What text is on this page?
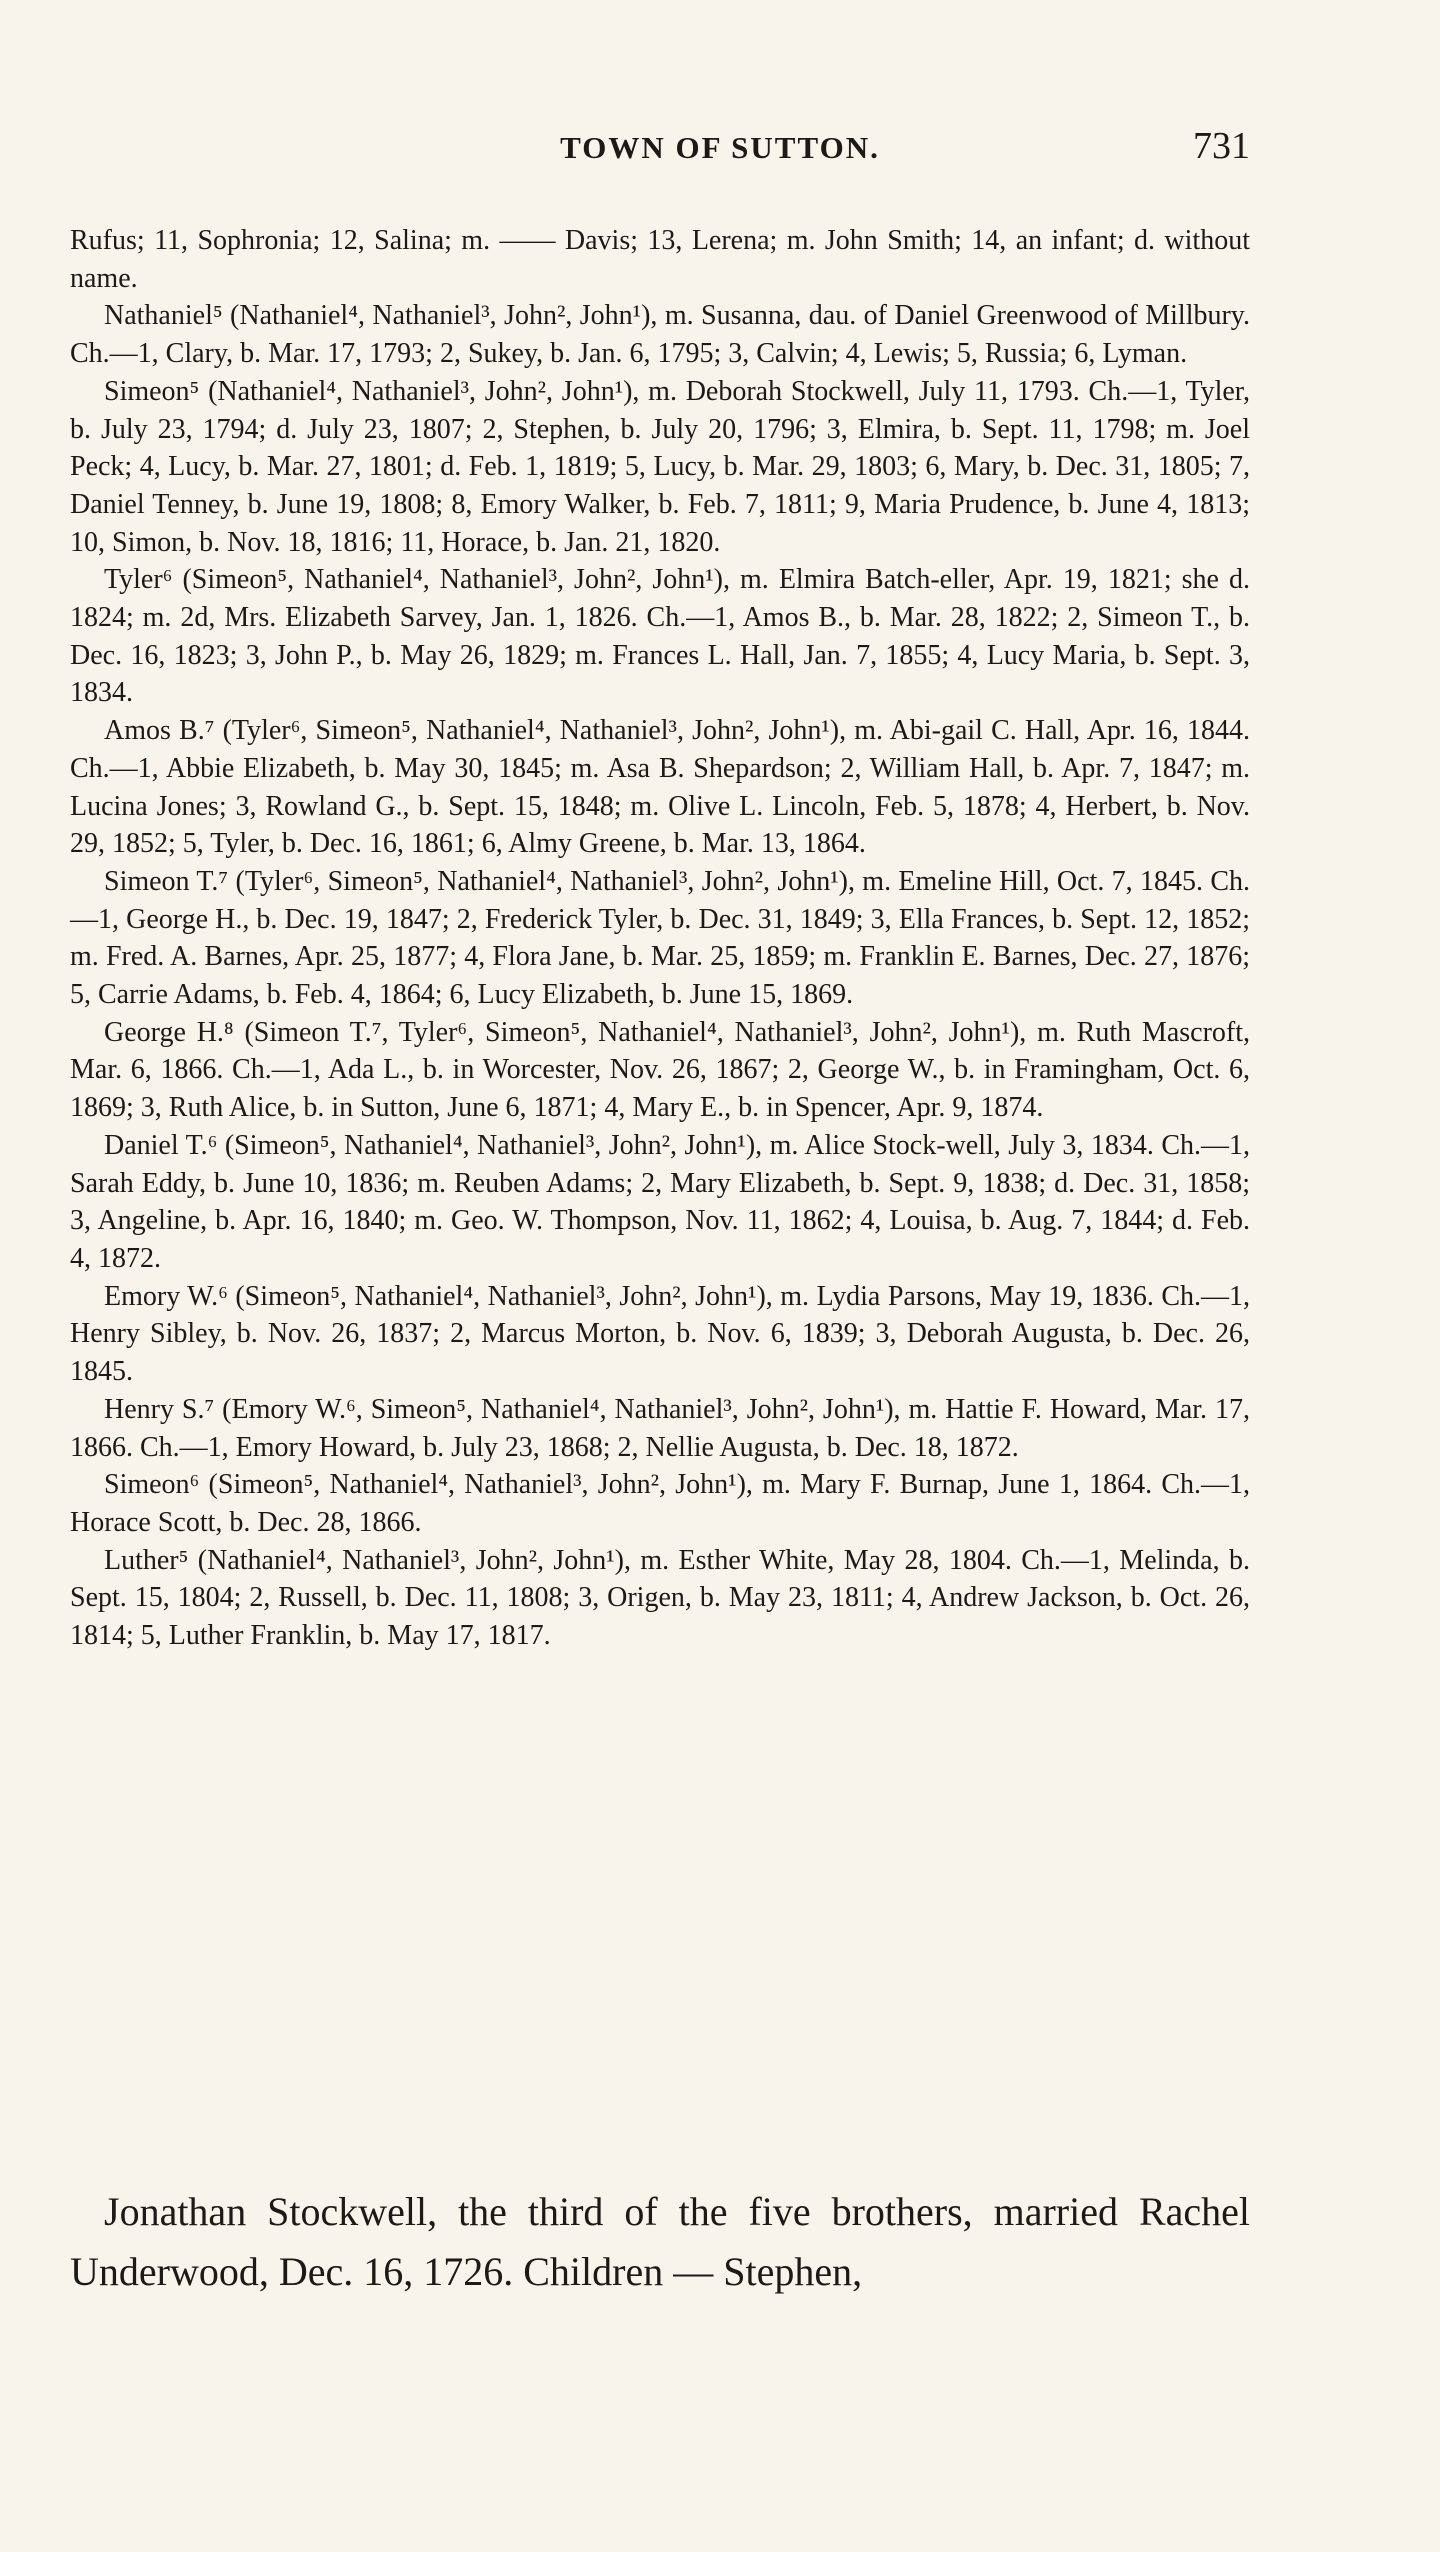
TOWN OF SUTTON.	731

Rufus; 11, Sophronia; 12, Salina; m. —— Davis; 13, Lerena; m. John Smith; 14, an infant; d. without name.

Nathaniel⁵ (Nathaniel⁴, Nathaniel³, John², John¹), m. Susanna, dau. of Daniel Greenwood of Millbury. Ch.—1, Clary, b. Mar. 17, 1793; 2, Sukey, b. Jan. 6, 1795; 3, Calvin; 4, Lewis; 5, Russia; 6, Lyman.

Simeon⁵ (Nathaniel⁴, Nathaniel³, John², John¹), m. Deborah Stockwell, July 11, 1793. Ch.—1, Tyler, b. July 23, 1794; d. July 23, 1807; 2, Stephen, b. July 20, 1796; 3, Elmira, b. Sept. 11, 1798; m. Joel Peck; 4, Lucy, b. Mar. 27, 1801; d. Feb. 1, 1819; 5, Lucy, b. Mar. 29, 1803; 6, Mary, b. Dec. 31, 1805; 7, Daniel Tenney, b. June 19, 1808; 8, Emory Walker, b. Feb. 7, 1811; 9, Maria Prudence, b. June 4, 1813; 10, Simon, b. Nov. 18, 1816; 11, Horace, b. Jan. 21, 1820.

Tyler⁶ (Simeon⁵, Nathaniel⁴, Nathaniel³, John², John¹), m. Elmira Batch-eller, Apr. 19, 1821; she d. 1824; m. 2d, Mrs. Elizabeth Sarvey, Jan. 1, 1826. Ch.—1, Amos B., b. Mar. 28, 1822; 2, Simeon T., b. Dec. 16, 1823; 3, John P., b. May 26, 1829; m. Frances L. Hall, Jan. 7, 1855; 4, Lucy Maria, b. Sept. 3, 1834.

Amos B.⁷ (Tyler⁶, Simeon⁵, Nathaniel⁴, Nathaniel³, John², John¹), m. Abi-gail C. Hall, Apr. 16, 1844. Ch.—1, Abbie Elizabeth, b. May 30, 1845; m. Asa B. Shepardson; 2, William Hall, b. Apr. 7, 1847; m. Lucina Jones; 3, Rowland G., b. Sept. 15, 1848; m. Olive L. Lincoln, Feb. 5, 1878; 4, Herbert, b. Nov. 29, 1852; 5, Tyler, b. Dec. 16, 1861; 6, Almy Greene, b. Mar. 13, 1864.

Simeon T.⁷ (Tyler⁶, Simeon⁵, Nathaniel⁴, Nathaniel³, John², John¹), m. Emeline Hill, Oct. 7, 1845. Ch.—1, George H., b. Dec. 19, 1847; 2, Frederick Tyler, b. Dec. 31, 1849; 3, Ella Frances, b. Sept. 12, 1852; m. Fred. A. Barnes, Apr. 25, 1877; 4, Flora Jane, b. Mar. 25, 1859; m. Franklin E. Barnes, Dec. 27, 1876; 5, Carrie Adams, b. Feb. 4, 1864; 6, Lucy Elizabeth, b. June 15, 1869.

George H.⁸ (Simeon T.⁷, Tyler⁶, Simeon⁵, Nathaniel⁴, Nathaniel³, John², John¹), m. Ruth Mascroft, Mar. 6, 1866. Ch.—1, Ada L., b. in Worcester, Nov. 26, 1867; 2, George W., b. in Framingham, Oct. 6, 1869; 3, Ruth Alice, b. in Sutton, June 6, 1871; 4, Mary E., b. in Spencer, Apr. 9, 1874.

Daniel T.⁶ (Simeon⁵, Nathaniel⁴, Nathaniel³, John², John¹), m. Alice Stock-well, July 3, 1834. Ch.—1, Sarah Eddy, b. June 10, 1836; m. Reuben Adams; 2, Mary Elizabeth, b. Sept. 9, 1838; d. Dec. 31, 1858; 3, Angeline, b. Apr. 16, 1840; m. Geo. W. Thompson, Nov. 11, 1862; 4, Louisa, b. Aug. 7, 1844; d. Feb. 4, 1872.

Emory W.⁶ (Simeon⁵, Nathaniel⁴, Nathaniel³, John², John¹), m. Lydia Parsons, May 19, 1836. Ch.—1, Henry Sibley, b. Nov. 26, 1837; 2, Marcus Morton, b. Nov. 6, 1839; 3, Deborah Augusta, b. Dec. 26, 1845.

Henry S.⁷ (Emory W.⁶, Simeon⁵, Nathaniel⁴, Nathaniel³, John², John¹), m. Hattie F. Howard, Mar. 17, 1866. Ch.—1, Emory Howard, b. July 23, 1868; 2, Nellie Augusta, b. Dec. 18, 1872.

Simeon⁶ (Simeon⁵, Nathaniel⁴, Nathaniel³, John², John¹), m. Mary F. Burnap, June 1, 1864. Ch.—1, Horace Scott, b. Dec. 28, 1866.

Luther⁵ (Nathaniel⁴, Nathaniel³, John², John¹), m. Esther White, May 28, 1804. Ch.—1, Melinda, b. Sept. 15, 1804; 2, Russell, b. Dec. 11, 1808; 3, Origen, b. May 23, 1811; 4, Andrew Jackson, b. Oct. 26, 1814; 5, Luther Franklin, b. May 17, 1817.

Jonathan Stockwell, the third of the five brothers, married Rachel Underwood, Dec. 16, 1726. Children — Stephen,
